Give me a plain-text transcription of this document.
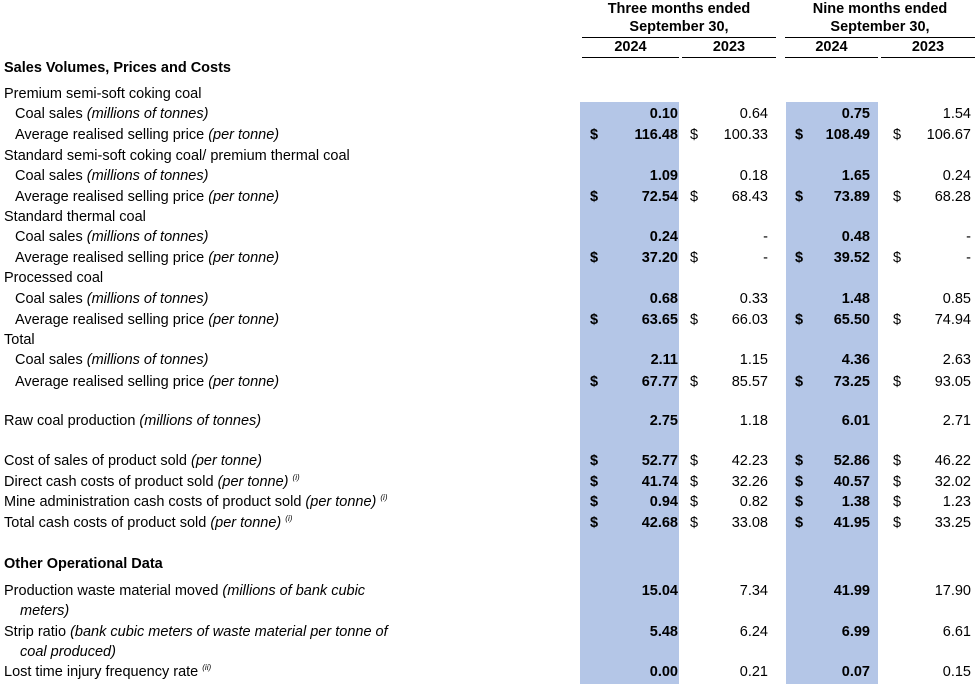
Three months ended
September 30,
Nine months ended
September 30,
2024	2023	2024	2023
Sales Volumes, Prices and Costs
Premium semi-soft coking coal
Coal sales (millions of tonnes)	0.10	0.64	0.75	1.54
Average realised selling price (per tonne)	$	116.48 $	100.33 $	108.49 $	106.67
Standard semi-soft coking coal/ premium thermal coal
Coal sales (millions of tonnes)	1.09	0.18	1.65	0.24
Average realised selling price (per tonne)	$	72.54 $	68.43 $	73.89 $	68.28
Standard thermal coal
Coal sales (millions of tonnes)	0.24	-	0.48	-
Average realised selling price (per tonne)	$	37.20 $	- $	39.52 $	-
Processed coal
Coal sales (millions of tonnes)	0.68	0.33	1.48	0.85
Average realised selling price (per tonne)	$	63.65 $	66.03 $	65.50 $	74.94
Total
Coal sales (millions of tonnes)	2.11	1.15	4.36	2.63
Average realised selling price (per tonne)	$	67.77 $	85.57 $	73.25 $	93.05
Raw coal production (millions of tonnes)	2.75	1.18	6.01	2.71
Cost of sales of product sold (per tonne)	$	52.77 $	42.23 $	52.86 $	46.22
Direct cash costs of product sold (per tonne) $^{(i)}$	$	41.74 $	32.26 $	40.57 $	32.02
Mine administration cash costs of product sold (per tonne) $^{(i)}$	$	0.94 $	0.82 $	1.38 $	1.23
Total cash costs of product sold (per tonne) $^{(i)}$	$	42.68 $	33.08 $	41.95 $	33.25
Other Operational Data
Production waste material moved (millions of bank cubic
meters)
15.04	7.34	41.99	17.90
Strip ratio (bank cubic meters of waste material per tonne of
coal produced)
5.48	6.24	6.99	6.61
Lost time injury frequency rate $^{(ii)}$	0.00	0.21	0.07	0.15
